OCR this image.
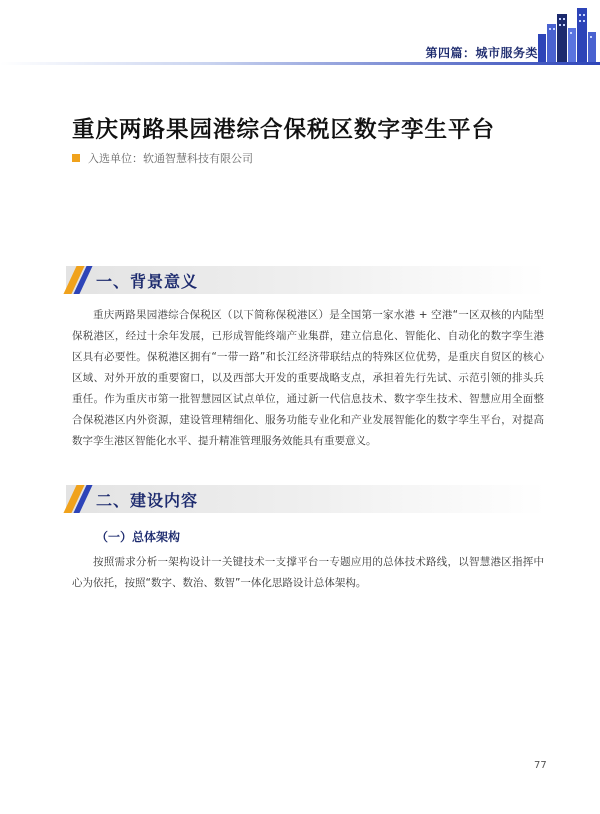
第四篇：城市服务类
重庆两路果园港综合保税区数字孪生平台
入选单位：软通智慧科技有限公司
一、背景意义

重庆两路果园港综合保税区（以下简称保税港区）是全国第一家水港 + 空港“一区双核的内陆型保税港区，经过十余年发展，已形成智能终端产业集群，建立信息化、智能化、自动化的数字孪生港区具有必要性。保税港区拥有“一带一路”和长江经济带联结点的特殊区位优势，是重庆自贸区的核心区域、对外开放的重要窗口，以及西部大开发的重要战略支点，承担着先行先试、示范引领的排头兵重任。作为重庆市第一批智慧园区试点单位，通过新一代信息技术、数字孪生技术、智慧应用全面整合保税港区内外资源，建设管理精细化、服务功能专业化和产业发展智能化的数字孪生平台，对提高数字孪生港区智能化水平、提升精准管理服务效能具有重要意义。

二、建设内容
（一）总体架构

按照需求分析一架构设计一关键技术一支撑平台一专题应用的总体技术路线，以智慧港区指挥中心为依托，按照“数字、数治、数智”一体化思路设计总体架构。

77
